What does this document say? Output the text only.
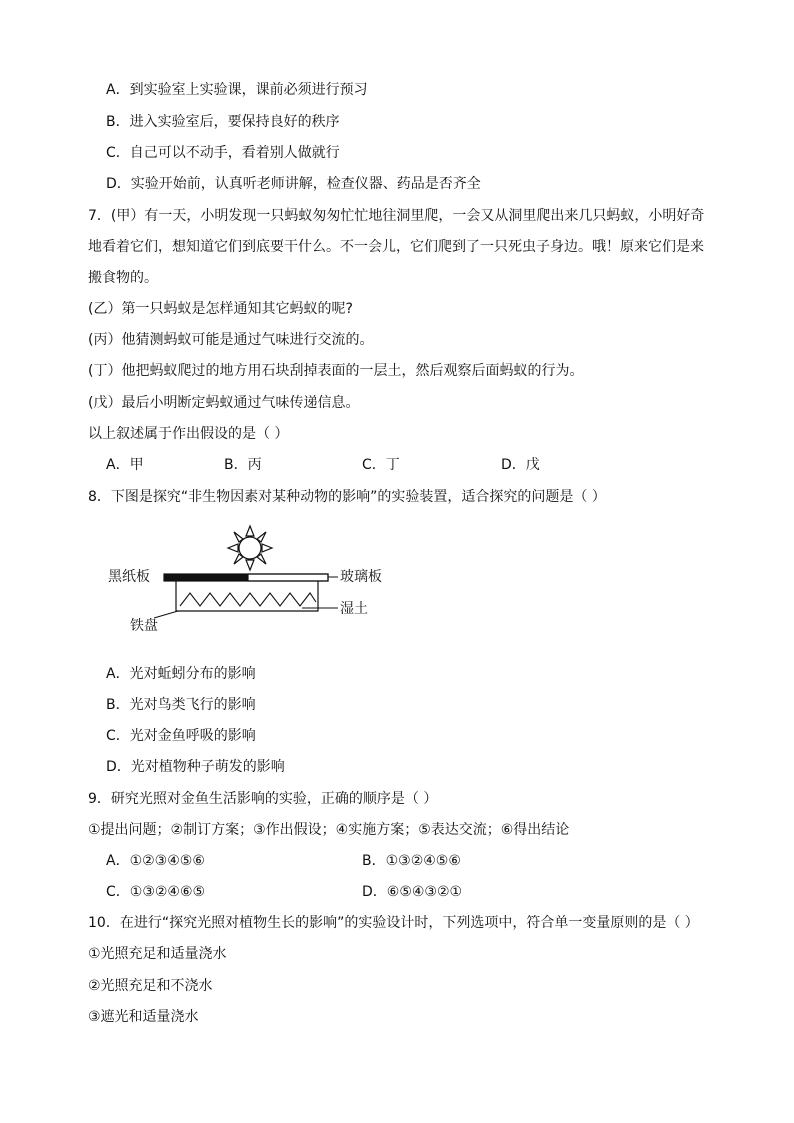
A．到实验室上实验课，课前必须进行预习
B．进入实验室后，要保持良好的秩序
C．自己可以不动手，看着别人做就行
D．实验开始前，认真听老师讲解，检查仪器、药品是否齐全
7．(甲）有一天，小明发现一只蚂蚁匆匆忙忙地往洞里爬，一会又从洞里爬出来几只蚂蚁，小明好奇
地看着它们，想知道它们到底要干什么。不一会儿，它们爬到了一只死虫子身边。哦！原来它们是来
搬食物的。
(乙）第一只蚂蚁是怎样通知其它蚂蚁的呢?
(丙）他猜测蚂蚁可能是通过气味进行交流的。
(丁）他把蚂蚁爬过的地方用石块刮掉表面的一层土，然后观察后面蚂蚁的行为。
(戊）最后小明断定蚂蚁通过气味传递信息。
以上叙述属于作出假设的是（ ）
A．甲	B．丙	C．丁	D．戊
8．下图是探究“非生物因素对某种动物的影响”的实验装置，适合探究的问题是（ ）
黑纸板	玻璃板
湿土
铁盘
A．光对蚯蚓分布的影响
B．光对鸟类飞行的影响
C．光对金鱼呼吸的影响
D．光对植物种子萌发的影响
9．研究光照对金鱼生活影响的实验，正确的顺序是（ ）
①提出问题；②制订方案；③作出假设；④实施方案；⑤表达交流；⑥得出结论
A．①②③④⑤⑥	B．①③②④⑤⑥
C．①③②④⑥⑤	D．⑥⑤④③②①
10．在进行“探究光照对植物生长的影响”的实验设计时，下列选项中，符合单一变量原则的是（ ）
①光照充足和适量浇水
②光照充足和不浇水
③遮光和适量浇水
